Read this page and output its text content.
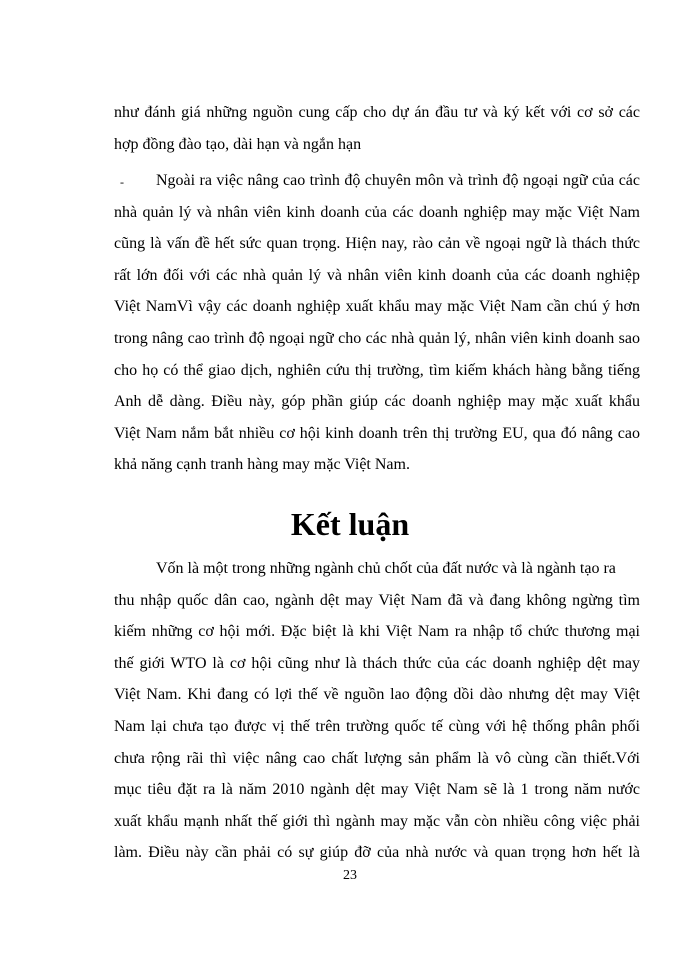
như đánh giá những nguồn cung cấp cho dự án đầu tư và ký kết với cơ sở các
hợp đồng đào tạo, dài hạn và ngắn hạn
- Ngoài ra việc nâng cao trình độ chuyên môn và trình độ ngoại ngữ của các
nhà quản lý và nhân viên kinh doanh của các doanh nghiệp may mặc Việt Nam
cũng là vấn đề hết sức quan trọng. Hiện nay, rào cản về ngoại ngữ là thách thức
rất lớn đối với các nhà quản lý và nhân viên kinh doanh của các doanh nghiệp
Việt NamVì vậy các doanh nghiệp xuất khẩu may mặc Việt Nam cần chú ý hơn
trong nâng cao trình độ ngoại ngữ cho các nhà quản lý, nhân viên kinh doanh sao
cho họ có thể giao dịch, nghiên cứu thị trường, tìm kiếm khách hàng bằng tiếng
Anh dễ dàng. Điều này, góp phần giúp các doanh nghiệp may mặc xuất khẩu
Việt Nam nắm bắt nhiều cơ hội kinh doanh trên thị trường EU, qua đó nâng cao
khả năng cạnh tranh hàng may mặc Việt Nam.
Kết luận
Vốn là một trong những ngành chủ chốt của đất nước và là ngành tạo ra
thu nhập quốc dân cao, ngành dệt may Việt Nam đã và đang không ngừng tìm
kiếm những cơ hội mới. Đặc biệt là khi Việt Nam ra nhập tổ chức thương mại
thế giới WTO là cơ hội cũng như là thách thức của các doanh nghiệp dệt may
Việt Nam. Khi đang có lợi thế về nguồn lao động dồi dào nhưng dệt may Việt
Nam lại chưa tạo được vị thế trên trường quốc tế cùng với hệ thống phân phối
chưa rộng rãi thì việc nâng cao chất lượng sản phẩm là vô cùng cần thiết.Với
mục tiêu đặt ra là năm 2010 ngành dệt may Việt Nam sẽ là 1 trong năm nước
xuất khẩu mạnh nhất thế giới thì ngành may mặc vẫn còn nhiều công việc phải
làm. Điều này cần phải có sự giúp đỡ của nhà nước và quan trọng hơn hết là
23
